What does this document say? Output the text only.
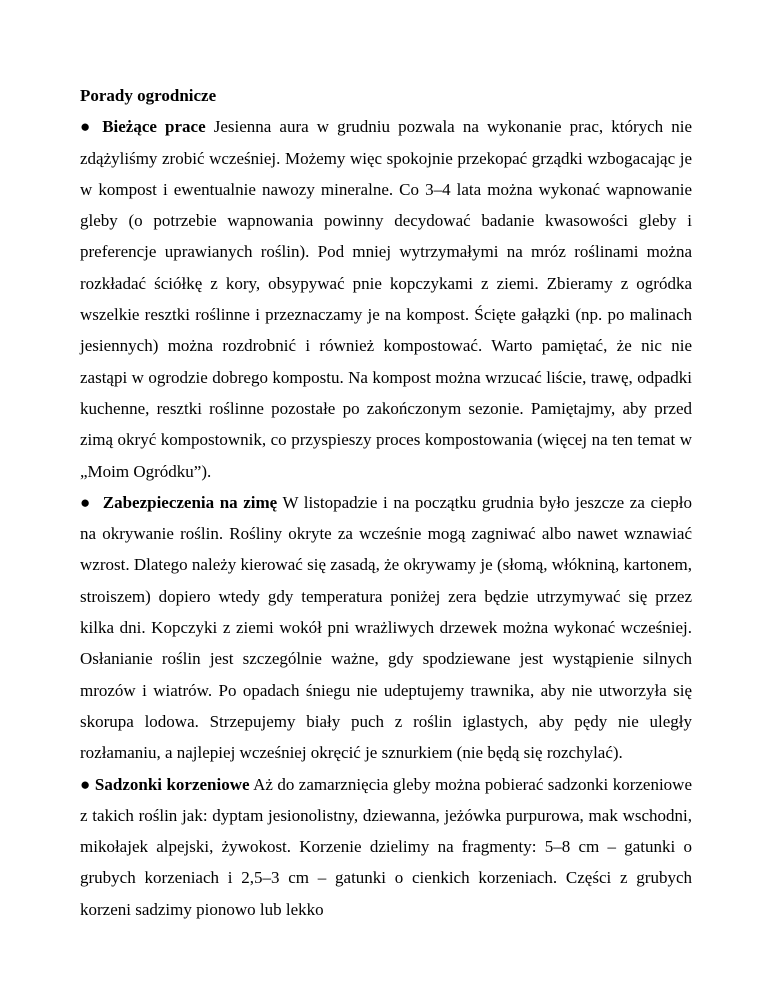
Porady ogrodnicze

● Bieżące prace Jesienna aura w grudniu pozwala na wykonanie prac, których nie zdążyliśmy zrobić wcześniej. Możemy więc spokojnie przekopać grządki wzbogacając je w kompost i ewentualnie nawozy mineralne. Co 3–4 lata można wykonać wapnowanie gleby (o potrzebie wapnowania powinny decydować badanie kwasowości gleby i preferencje uprawianych roślin). Pod mniej wytrzymałymi na mróz roślinami można rozkładać ściółkę z kory, obsypywać pnie kopczykami z ziemi. Zbieramy z ogródka wszelkie resztki roślinne i przeznaczamy je na kompost. Ścięte gałązki (np. po malinach jesiennych) można rozdrobnić i również kompostować. Warto pamiętać, że nic nie zastąpi w ogrodzie dobrego kompostu. Na kompost można wrzucać liście, trawę, odpadki kuchenne, resztki roślinne pozostałe po zakończonym sezonie. Pamiętajmy, aby przed zimą okryć kompostownik, co przyspieszy proces kompostowania (więcej na ten temat w „Moim Ogródku”).

● Zabezpieczenia na zimę W listopadzie i na początku grudnia było jeszcze za ciepło na okrywanie roślin. Rośliny okryte za wcześnie mogą zagniwać albo nawet wznawiać wzrost. Dlatego należy kierować się zasadą, że okrywamy je (słomą, włókniną, kartonem, stroiszem) dopiero wtedy gdy temperatura poniżej zera będzie utrzymywać się przez kilka dni. Kopczyki z ziemi wokół pni wrażliwych drzewek można wykonać wcześniej. Osłanianie roślin jest szczególnie ważne, gdy spodziewane jest wystąpienie silnych mrozów i wiatrów. Po opadach śniegu nie udeptujemy trawnika, aby nie utworzyła się skorupa lodowa. Strzepujemy biały puch z roślin iglastych, aby pędy nie uległy rozłamaniu, a najlepiej wcześniej okręcić je sznurkiem (nie będą się rozchylać).

● Sadzonki korzeniowe Aż do zamarznięcia gleby można pobierać sadzonki korzeniowe z takich roślin jak: dyptam jesionolistny, dziewanna, jeżówka purpurowa, mak wschodni, mikołajek alpejski, żywokost. Korzenie dzielimy na fragmenty: 5–8 cm – gatunki o grubych korzeniach i 2,5–3 cm – gatunki o cienkich korzeniach. Części z grubych korzeni sadzimy pionowo lub lekko
